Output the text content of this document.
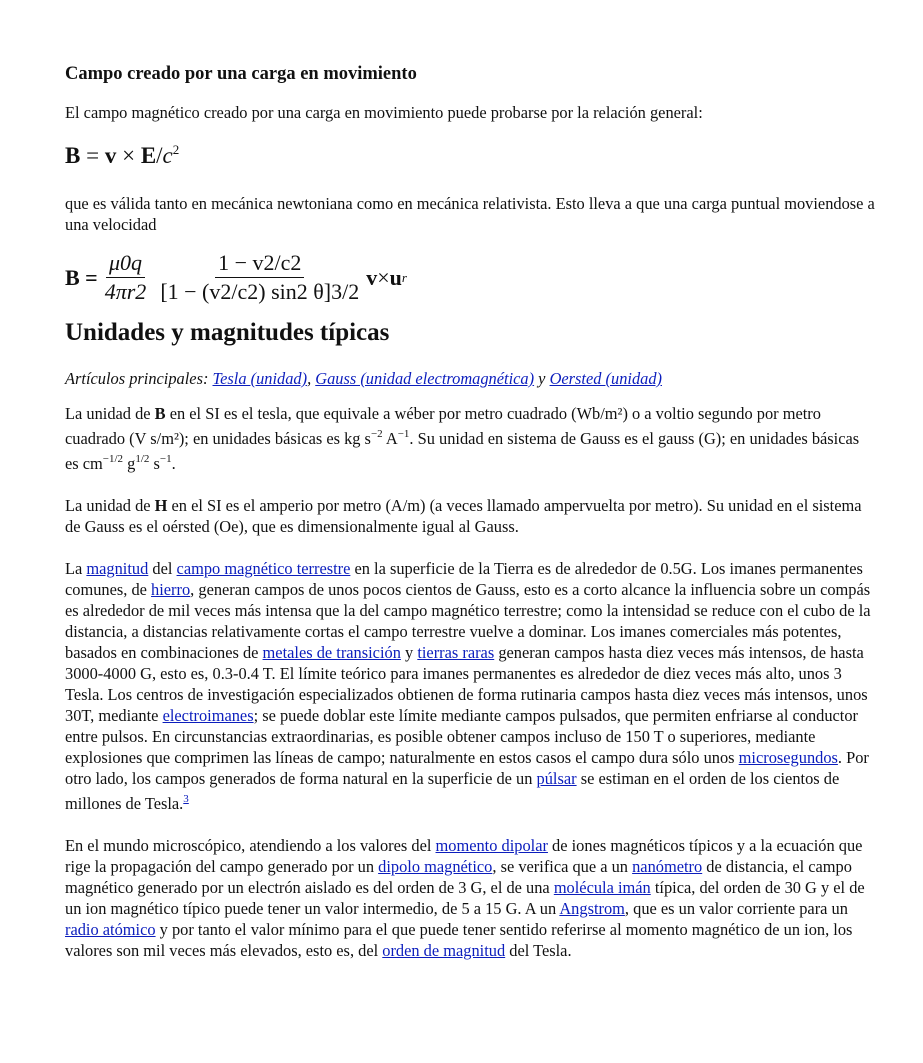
Campo creado por una carga en movimiento

El campo magnético creado por una carga en movimiento puede probarse por la relación general:

$B = v \times E/c^2$

que es válida tanto en mecánica newtoniana como en mecánica relativista. Esto lleva a que una carga puntual moviendose a una velocidad

$B = \frac{\mu 0q}{4\pi r2} \frac{1 - v2/c2}{[1 - (v2/c2) \sin 2 \theta]3/2}$ v × u r
Unidades y magnitudes típicas

Artículos principales: Tesla (unidad), Gauss (unidad electromagnética) y Oersted (unidad)

La unidad de B en el SI es el tesla, que equivale a wéber por metro cuadrado (Wb/m²) o a voltio segundo por metro cuadrado (V s/m²); en unidades básicas es kg $s^{-2}$ $A^{-1}$. Su unidad en sistema de Gauss es el gauss (G); en unidades básicas es $cm^{-1/2}$ $g^{1/2}$ $s^{-1}$.

La unidad de H en el SI es el amperio por metro (A/m) (a veces llamado ampervuelta por metro). Su unidad en el sistema de Gauss es el oérsted (Oe), que es dimensionalmente igual al Gauss.

La magnitud del campo magnético terrestre en la superficie de la Tierra es de alrededor de 0.5G. Los imanes permanentes comunes, de hierro, generan campos de unos pocos cientos de Gauss, esto es a corto alcance la influencia sobre un compás es alrededor de mil veces más intensa que la del campo magnético terrestre; como la intensidad se reduce con el cubo de la distancia, a distancias relativamente cortas el campo terrestre vuelve a dominar. Los imanes comerciales más potentes, basados en combinaciones de metales de transición y tierras raras generan campos hasta diez veces más intensos, de hasta 3000-4000 G, esto es, 0.3-0.4 T. El límite teórico para imanes permanentes es alrededor de diez veces más alto, unos 3 Tesla. Los centros de investigación especializados obtienen de forma rutinaria campos hasta diez veces más intensos, unos 30T, mediante electroimanes; se puede doblar este límite mediante campos pulsados, que permiten enfriarse al conductor entre pulsos. En circunstancias extraordinarias, es posible obtener campos incluso de 150 T o superiores, mediante explosiones que comprimen las líneas de campo; naturalmente en estos casos el campo dura sólo unos microsegundos. Por otro lado, los campos generados de forma natural en la superficie de un púlsar se estiman en el orden de los cientos de millones de Tesla.$^3$

En el mundo microscópico, atendiendo a los valores del momento dipolar de iones magnéticos típicos y a la ecuación que rige la propagación del campo generado por un dipolo magnético, se verifica que a un nanómetro de distancia, el campo magnético generado por un electrón aislado es del orden de 3 G, el de una molécula imán típica, del orden de 30 G y el de un ion magnético típico puede tener un valor intermedio, de 5 a 15 G. A un Angstrom, que es un valor corriente para un radio atómico y por tanto el valor mínimo para el que puede tener sentido referirse al momento magnético de un ion, los valores son mil veces más elevados, esto es, del orden de magnitud del Tesla.
